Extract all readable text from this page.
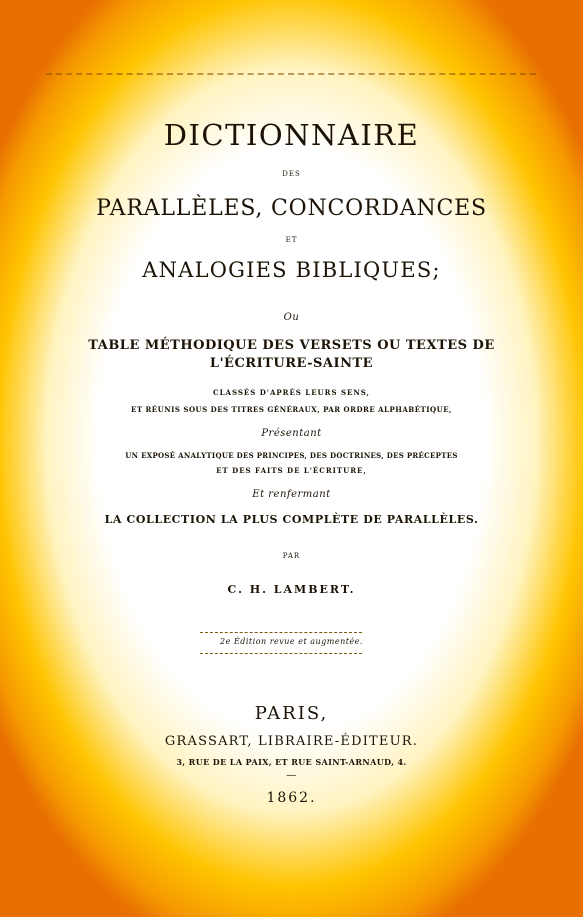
DICTIONNAIRE
DES
PARALLÈLES, CONCORDANCES
ET
ANALOGIES BIBLIQUES;
Ou
TABLE MÉTHODIQUE DES VERSETS OU TEXTES DE
L'ÉCRITURE-SAINTE
CLASSÉS D'APRÈS LEURS SENS,
ET RÉUNIS SOUS DES TITRES GÉNÉRAUX, PAR ORDRE ALPHABÉTIQUE,
Présentant
UN EXPOSÉ ANALYTIQUE DES PRINCIPES, DES DOCTRINES, DES PRÉCEPTES
ET DES FAITS DE L'ÉCRITURE,
Et renfermant
LA COLLECTION LA PLUS COMPLÈTE DE PARALLÈLES.
PAR
C. H. LAMBERT.
2e Édition revue et augmentée.
PARIS,
GRASSART, LIBRAIRE-ÉDITEUR.
3, RUE DE LA PAIX, ET RUE SAINT-ARNAUD, 4.
—
1862.
